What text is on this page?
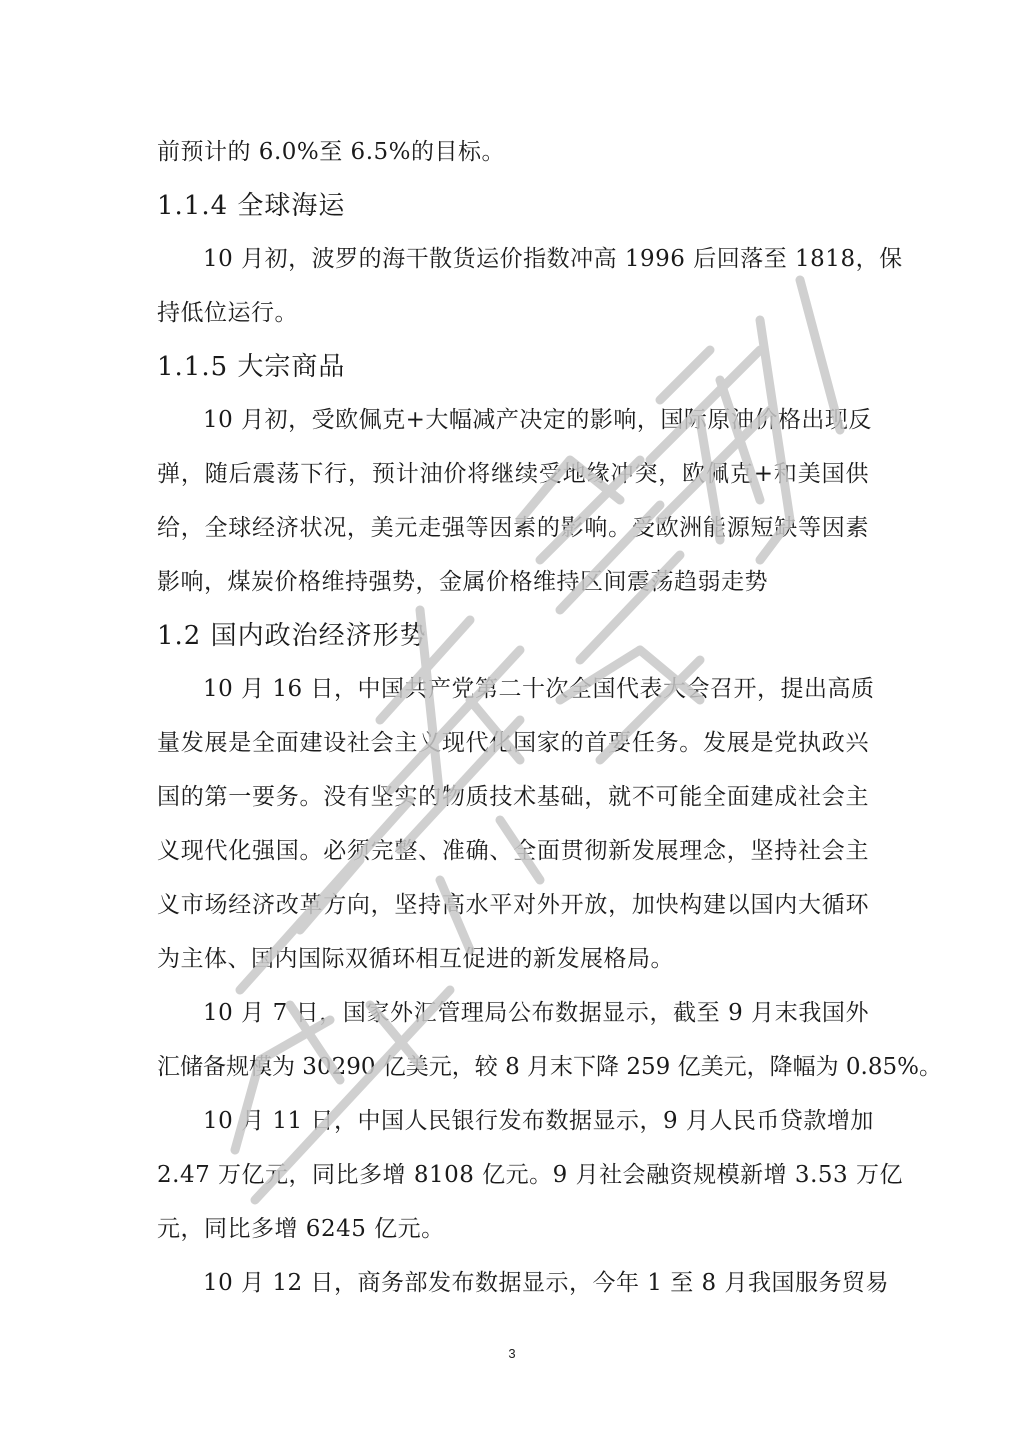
前预计的 6.0%至 6.5%的目标。
1.1.4 全球海运
10 月初，波罗的海干散货运价指数冲高 1996 后回落至 1818，保
持低位运行。
1.1.5 大宗商品
10 月初，受欧佩克+大幅减产决定的影响，国际原油价格出现反
弹，随后震荡下行，预计油价将继续受地缘冲突，欧佩克+和美国供
给，全球经济状况，美元走强等因素的影响。受欧洲能源短缺等因素
影响，煤炭价格维持强势，金属价格维持区间震荡趋弱走势
1.2 国内政治经济形势
10 月 16 日，中国共产党第二十次全国代表大会召开，提出高质
量发展是全面建设社会主义现代化国家的首要任务。发展是党执政兴
国的第一要务。没有坚实的物质技术基础，就不可能全面建成社会主
义现代化强国。必须完整、准确、全面贯彻新发展理念，坚持社会主
义市场经济改革方向，坚持高水平对外开放，加快构建以国内大循环
为主体、国内国际双循环相互促进的新发展格局。
10 月 7 日，国家外汇管理局公布数据显示，截至 9 月末我国外
汇储备规模为 30290 亿美元，较 8 月末下降 259 亿美元，降幅为 0.85%。
10 月 11 日，中国人民银行发布数据显示，9 月人民币贷款增加
2.47 万亿元，同比多增 8108 亿元。9 月社会融资规模新增 3.53 万亿
元，同比多增 6245 亿元。
10 月 12 日，商务部发布数据显示，今年 1 至 8 月我国服务贸易
3
